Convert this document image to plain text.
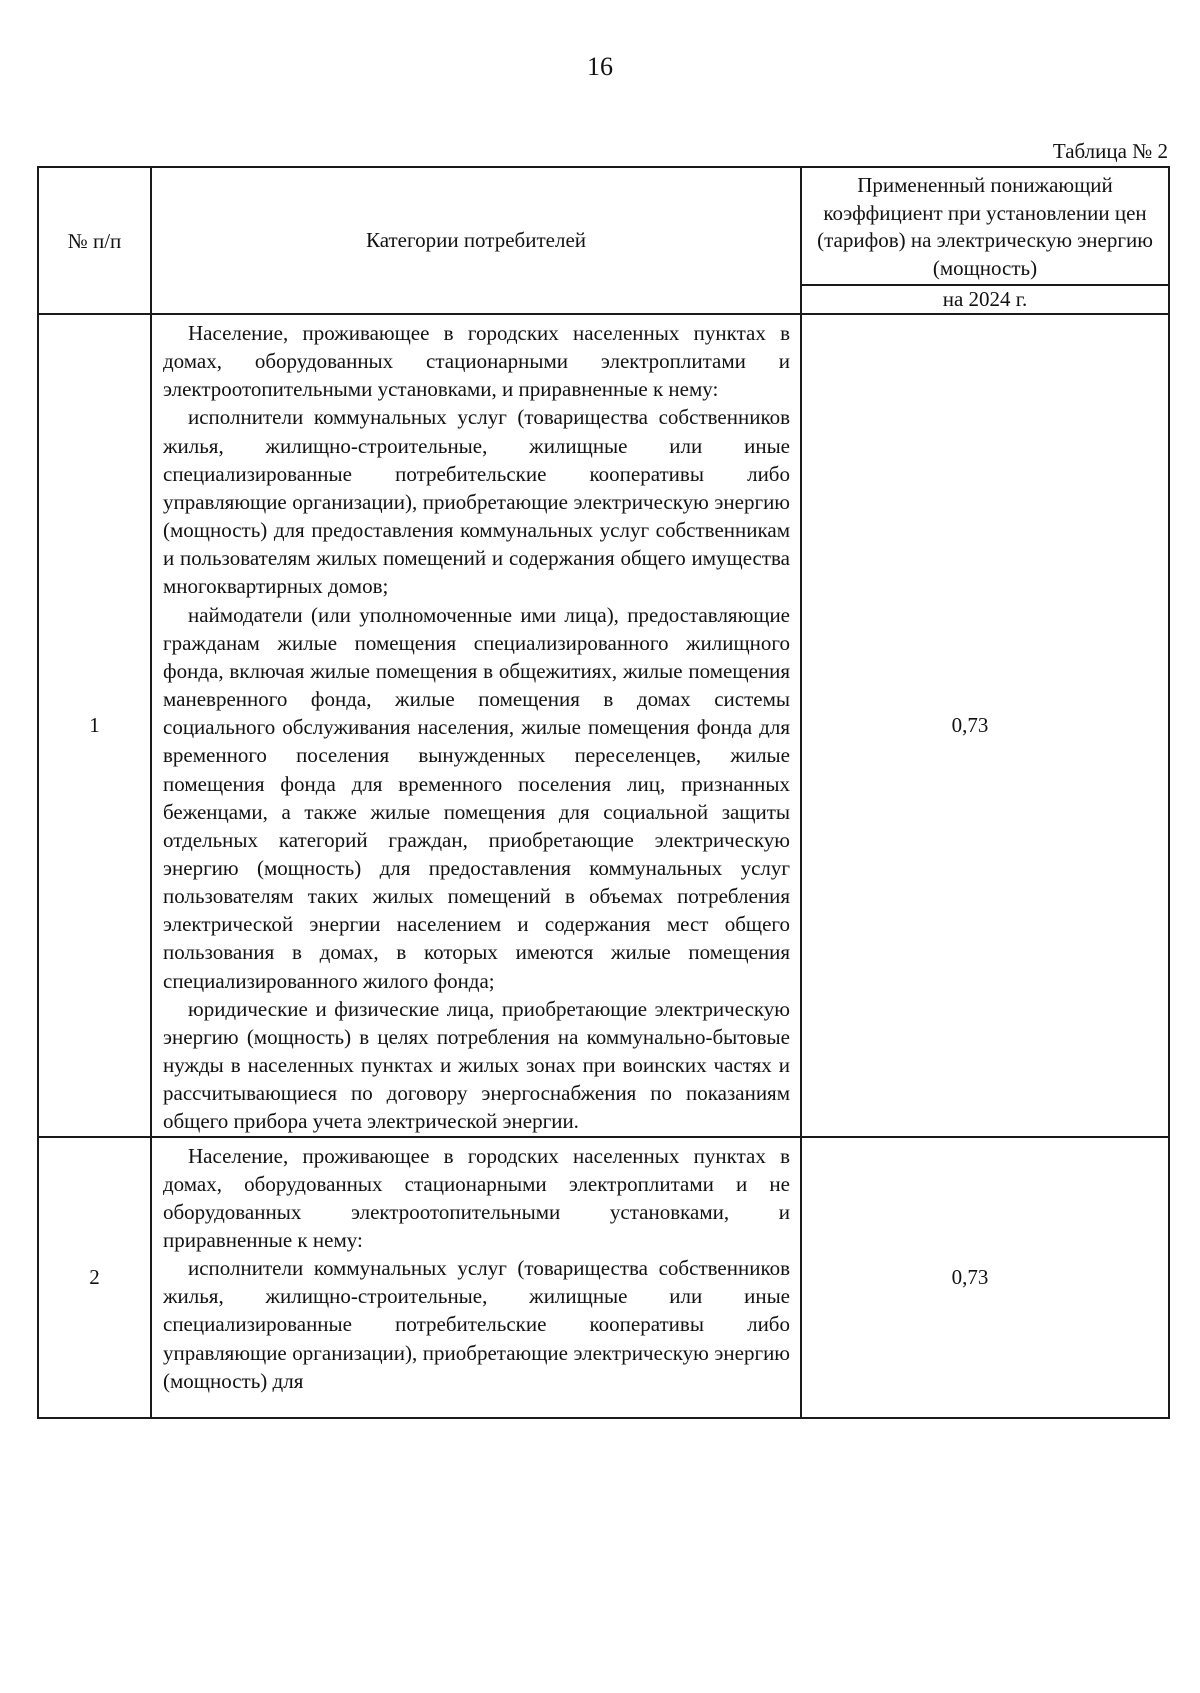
16
Таблица № 2
№ п/п	Категории потребителей	Примененный понижающий коэффициент при установлении цен (тарифов) на электрическую энергию (мощность)
		на 2024 г.
1	Население, проживающее в городских населенных пунктах в домах, оборудованных стационарными электроплитами и электроотопительными установками, и приравненные к нему:

исполнители коммунальных услуг (товарищества собственников жилья, жилищно-строительные, жилищные или иные специализированные потребительские кооперативы либо управляющие организации), приобретающие электрическую энергию (мощность) для предоставления коммунальных услуг собственникам и пользователям жилых помещений и содержания общего имущества многоквартирных домов;

наймодатели (или уполномоченные ими лица), предоставляющие гражданам жилые помещения специализированного жилищного фонда, включая жилые помещения в общежитиях, жилые помещения маневренного фонда, жилые помещения в домах системы социального обслуживания населения, жилые помещения фонда для временного поселения вынужденных переселенцев, жилые помещения фонда для временного поселения лиц, признанных беженцами, а также жилые помещения для социальной защиты отдельных категорий граждан, приобретающие электрическую энергию (мощность) для предоставления коммунальных услуг пользователям таких жилых помещений в объемах потребления электрической энергии населением и содержания мест общего пользования в домах, в которых имеются жилые помещения специализированного жилого фонда;

юридические и физические лица, приобретающие электрическую энергию (мощность) в целях потребления на коммунально-бытовые нужды в населенных пунктах и жилых зонах при воинских частях и рассчитывающиеся по договору энергоснабжения по показаниям общего прибора учета электрической энергии.	0,73
2	Население, проживающее в городских населенных пунктах в домах, оборудованных стационарными электроплитами и не оборудованных электроотопительными установками, и приравненные к нему:

исполнители коммунальных услуг (товарищества собственников жилья, жилищно-строительные, жилищные или иные специализированные потребительские кооперативы либо управляющие организации), приобретающие электрическую энергию (мощность) для	0,73
